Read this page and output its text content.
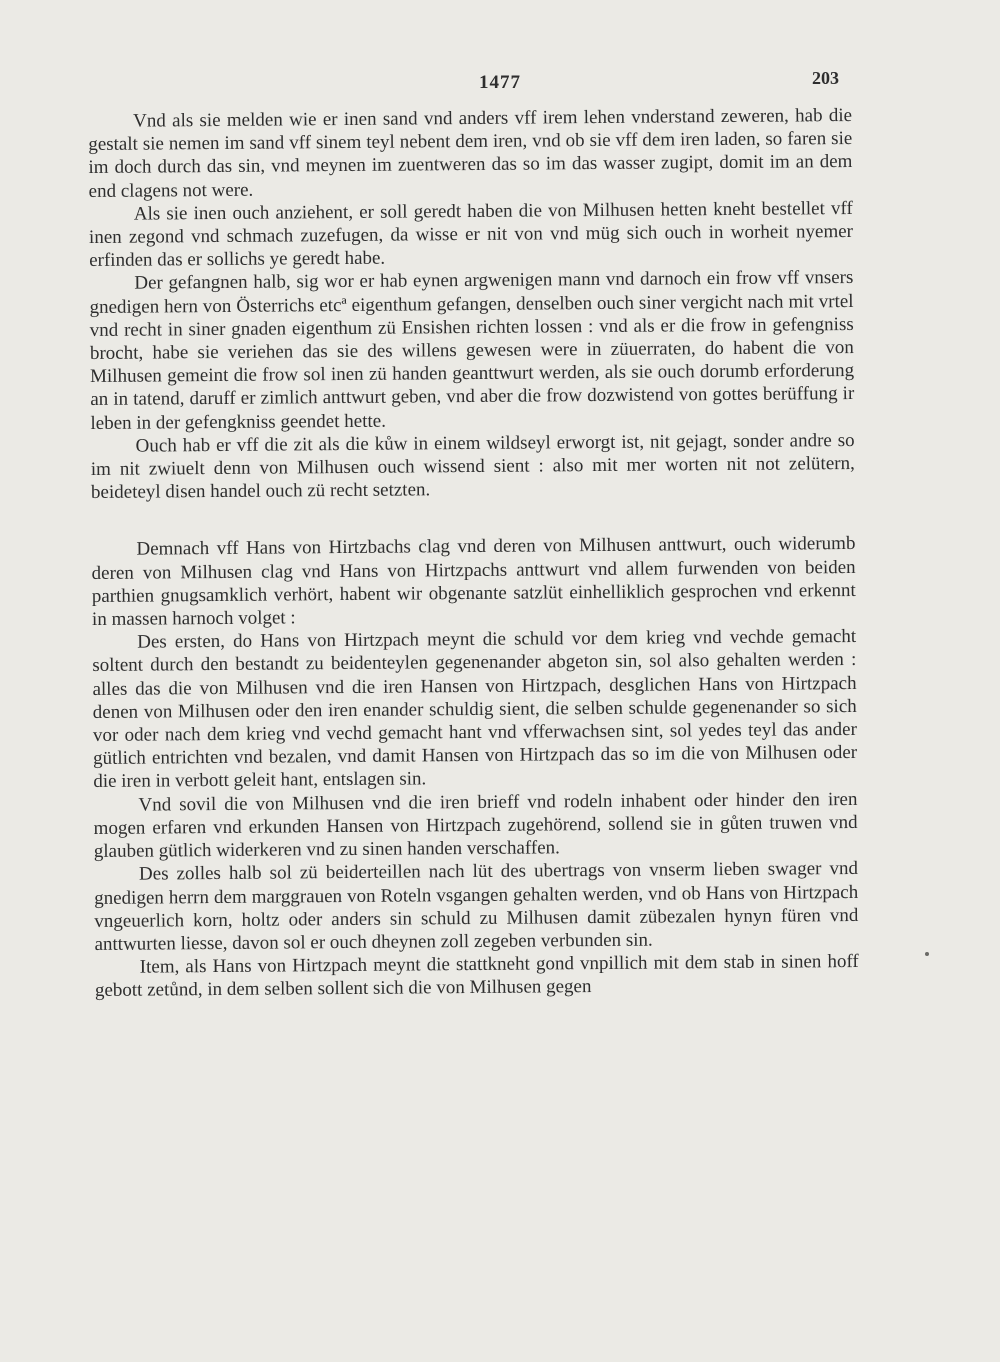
1477	203

Vnd als sie melden wie er inen sand vnd anders vff irem lehen vnderstand zeweren, hab die gestalt sie nemen im sand vff sinem teyl nebent dem iren, vnd ob sie vff dem iren laden, so faren sie im doch durch das sin, vnd meynen im zuentweren das so im das wasser zugipt, domit im an dem end clagens not were.

Als sie inen ouch anziehent, er soll geredt haben die von Milhusen hetten kneht bestellet vff inen zegond vnd schmach zuzefugen, da wisse er nit von vnd müg sich ouch in worheit nyemer erfinden das er sollichs ye geredt habe.

Der gefangnen halb, sig wor er hab eynen argwenigen mann vnd darnoch ein frow vff vnsers gnedigen hern von Österrichs etcª eigenthum gefangen, denselben ouch siner vergicht nach mit vrtel vnd recht in siner gnaden eigenthum zü Ensishen richten lossen : vnd als er die frow in gefengniss brocht, habe sie veriehen das sie des willens gewesen were in züuerraten, do habent die von Milhusen gemeint die frow sol inen zü handen geanttwurt werden, als sie ouch dorumb erforderung an in tatend, daruff er zimlich anttwurt geben, vnd aber die frow dozwistend von gottes berüffung ir leben in der gefengkniss geendet hette.

Ouch hab er vff die zit als die kůw in einem wildseyl erworgt ist, nit gejagt, sonder andre so im nit zwiuelt denn von Milhusen ouch wissend sient : also mit mer worten nit not zelütern, beideteyl disen handel ouch zü recht setzten.

Demnach vff Hans von Hirtzbachs clag vnd deren von Milhusen anttwurt, ouch widerumb deren von Milhusen clag vnd Hans von Hirtzpachs anttwurt vnd allem furwenden von beiden parthien gnugsamklich verhört, habent wir obgenante satzlüt einhelliklich gesprochen vnd erkennt in massen harnoch volget :

Des ersten, do Hans von Hirtzpach meynt die schuld vor dem krieg vnd vechde gemacht soltent durch den bestandt zu beidenteylen gegenenander abgeton sin, sol also gehalten werden : alles das die von Milhusen vnd die iren Hansen von Hirtzpach, desglichen Hans von Hirtzpach denen von Milhusen oder den iren enander schuldig sient, die selben schulde gegenenander so sich vor oder nach dem krieg vnd vechd gemacht hant vnd vfferwachsen sint, sol yedes teyl das ander gütlich entrichten vnd bezalen, vnd damit Hansen von Hirtzpach das so im die von Milhusen oder die iren in verbott geleit hant, entslagen sin.

Vnd sovil die von Milhusen vnd die iren brieff vnd rodeln inhabent oder hinder den iren mogen erfaren vnd erkunden Hansen von Hirtzpach zugehörend, sollend sie in gůten truwen vnd glauben gütlich widerkeren vnd zu sinen handen verschaffen.

Des zolles halb sol zü beiderteillen nach lüt des ubertrags von vnserm lieben swager vnd gnedigen herrn dem marggrauen von Roteln vsgangen gehalten werden, vnd ob Hans von Hirtzpach vngeuerlich korn, holtz oder anders sin schuld zu Milhusen damit zübezalen hynyn füren vnd anttwurten liesse, davon sol er ouch dheynen zoll zegeben verbunden sin.

Item, als Hans von Hirtzpach meynt die stattkneht gond vnpillich mit dem stab in sinen hoff gebott zetůnd, in dem selben sollent sich die von Milhusen gegen
